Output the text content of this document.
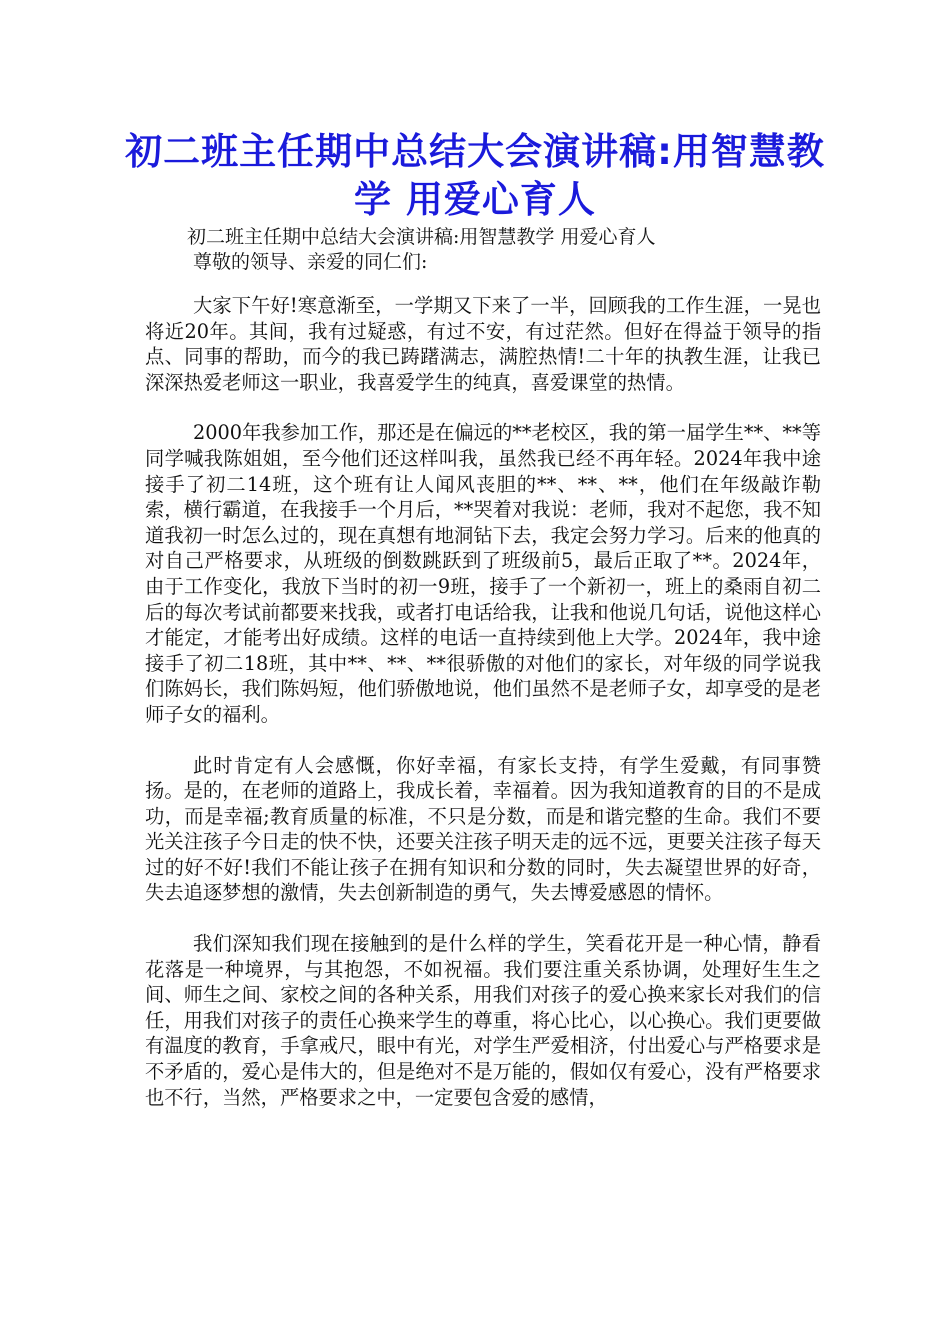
初二班主任期中总结大会演讲稿:用智慧教学 用爱心育人
初二班主任期中总结大会演讲稿:用智慧教学 用爱心育人
尊敬的领导、亲爱的同仁们:

大家下午好!寒意渐至，一学期又下来了一半，回顾我的工作生涯，一晃也将近20年。其间，我有过疑惑，有过不安，有过茫然。但好在得益于领导的指点、同事的帮助，而今的我已踌躇满志，满腔热情!二十年的执教生涯，让我已深深热爱老师这一职业，我喜爱学生的纯真，喜爱课堂的热情。

2000年我参加工作，那还是在偏远的**老校区，我的第一届学生**、**等同学喊我陈姐姐，至今他们还这样叫我，虽然我已经不再年轻。2024年我中途接手了初二14班，这个班有让人闻风丧胆的**、**、**，他们在年级敲诈勒索，横行霸道，在我接手一个月后，**哭着对我说：老师，我对不起您，我不知道我初一时怎么过的，现在真想有地洞钻下去，我定会努力学习。后来的他真的对自己严格要求，从班级的倒数跳跃到了班级前5，最后正取了**。2024年，由于工作变化，我放下当时的初一9班，接手了一个新初一，班上的桑雨自初二后的每次考试前都要来找我，或者打电话给我，让我和他说几句话，说他这样心才能定，才能考出好成绩。这样的电话一直持续到他上大学。2024年，我中途接手了初二18班，其中**、**、**很骄傲的对他们的家长，对年级的同学说我们陈妈长，我们陈妈短，他们骄傲地说，他们虽然不是老师子女，却享受的是老师子女的福利。

此时肯定有人会感慨，你好幸福，有家长支持，有学生爱戴，有同事赞扬。是的，在老师的道路上，我成长着，幸福着。因为我知道教育的目的不是成功，而是幸福;教育质量的标准，不只是分数，而是和谐完整的生命。我们不要光关注孩子今日走的快不快，还要关注孩子明天走的远不远，更要关注孩子每天过的好不好!我们不能让孩子在拥有知识和分数的同时，失去凝望世界的好奇，失去追逐梦想的激情，失去创新制造的勇气，失去博爱感恩的情怀。

我们深知我们现在接触到的是什么样的学生，笑看花开是一种心情，静看花落是一种境界，与其抱怨，不如祝福。我们要注重关系协调，处理好生生之间、师生之间、家校之间的各种关系，用我们对孩子的爱心换来家长对我们的信任，用我们对孩子的责任心换来学生的尊重，将心比心，以心换心。我们更要做有温度的教育，手拿戒尺，眼中有光，对学生严爱相济，付出爱心与严格要求是不矛盾的，爱心是伟大的，但是绝对不是万能的，假如仅有爱心，没有严格要求也不行，当然，严格要求之中，一定要包含爱的感情，
